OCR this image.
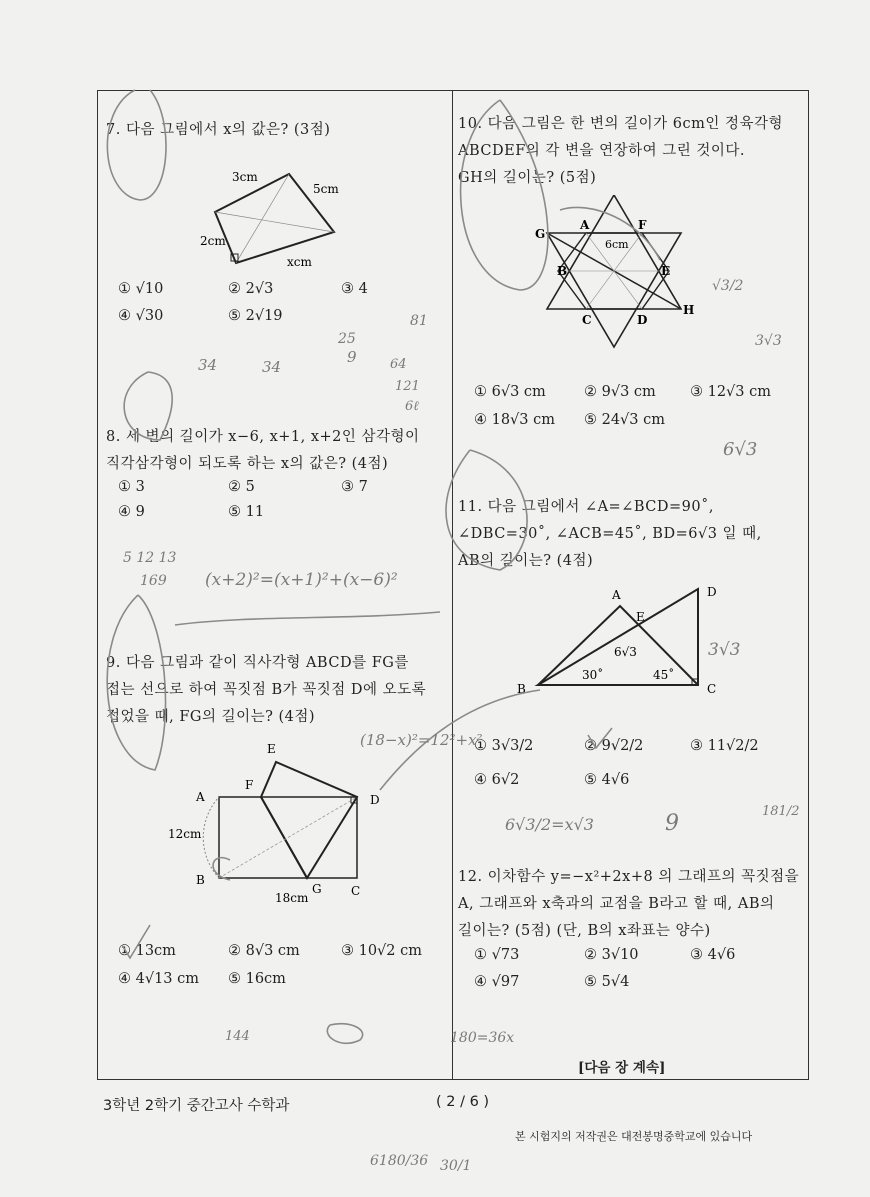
7. 다음 그림에서 x의 값은? (3점)
3cm
5cm
2cm
xcm
① √10	② 2√3	③ 4
④ √30	⑤ 2√19
8. 세 변의 길이가 x−6, x+1, x+2인 삼각형이
직각삼각형이 되도록 하는 x의 값은? (4점)
① 3	② 5	③ 7
④ 9	⑤ 11
9. 다음 그림과 같이 직사각형 ABCD를 FG를
접는 선으로 하여 꼭짓점 B가 꼭짓점 D에 오도록
접었을 때, FG의 길이는? (4점)
E
A
F
D
12cm
B
G C
18cm
① 13cm	② 8√3 cm	③ 10√2 cm
④ 4√13 cm ⑤ 16cm
10. 다음 그림은 한 변의 길이가 6cm인 정육각형
ABCDEF의 각 변을 연장하여 그린 것이다.
GH의 길이는? (5점)
G
A	F
6cm
B	E
C	D
H
① 6√3 cm	② 9√3 cm ③ 12√3 cm
④ 18√3 cm ⑤ 24√3 cm
11. 다음 그림에서 ∠A=∠BCD=90˚,
∠DBC=30˚, ∠ACB=45˚, BD=6√3 일 때,
AB의 길이는? (4점)
A	D
E
6√3
30˚	45˚
B	C
① 3√3/2	② 9√2/2	③ 11√2/2
④ 6√2	⑤ 4√6
12. 이차함수 y=−x²+2x+8 의 그래프의 꼭짓점을
A, 그래프와 x축과의 교점을 B라고 할 때, AB의
길이는? (5점) (단, B의 x좌표는 양수)
① √73	② 3√10	③ 4√6
④ √97	⑤ 5√4
[다음 장 계속]
3학년 2학기 중간고사 수학과	( 2 / 6 )
본 시험지의 저작권은 대전봉명중학교에 있습니다
25
81
34	34
9	64
121
6ℓ
3√3
6√3
(x+2)²=(x+1)²+(x−6)²
5 12 13
169
(18−x)²=12²+x²
6√3/2=x√3
√3/2
3√3
9	181/2
144	180=36x
6180/36 30/1
